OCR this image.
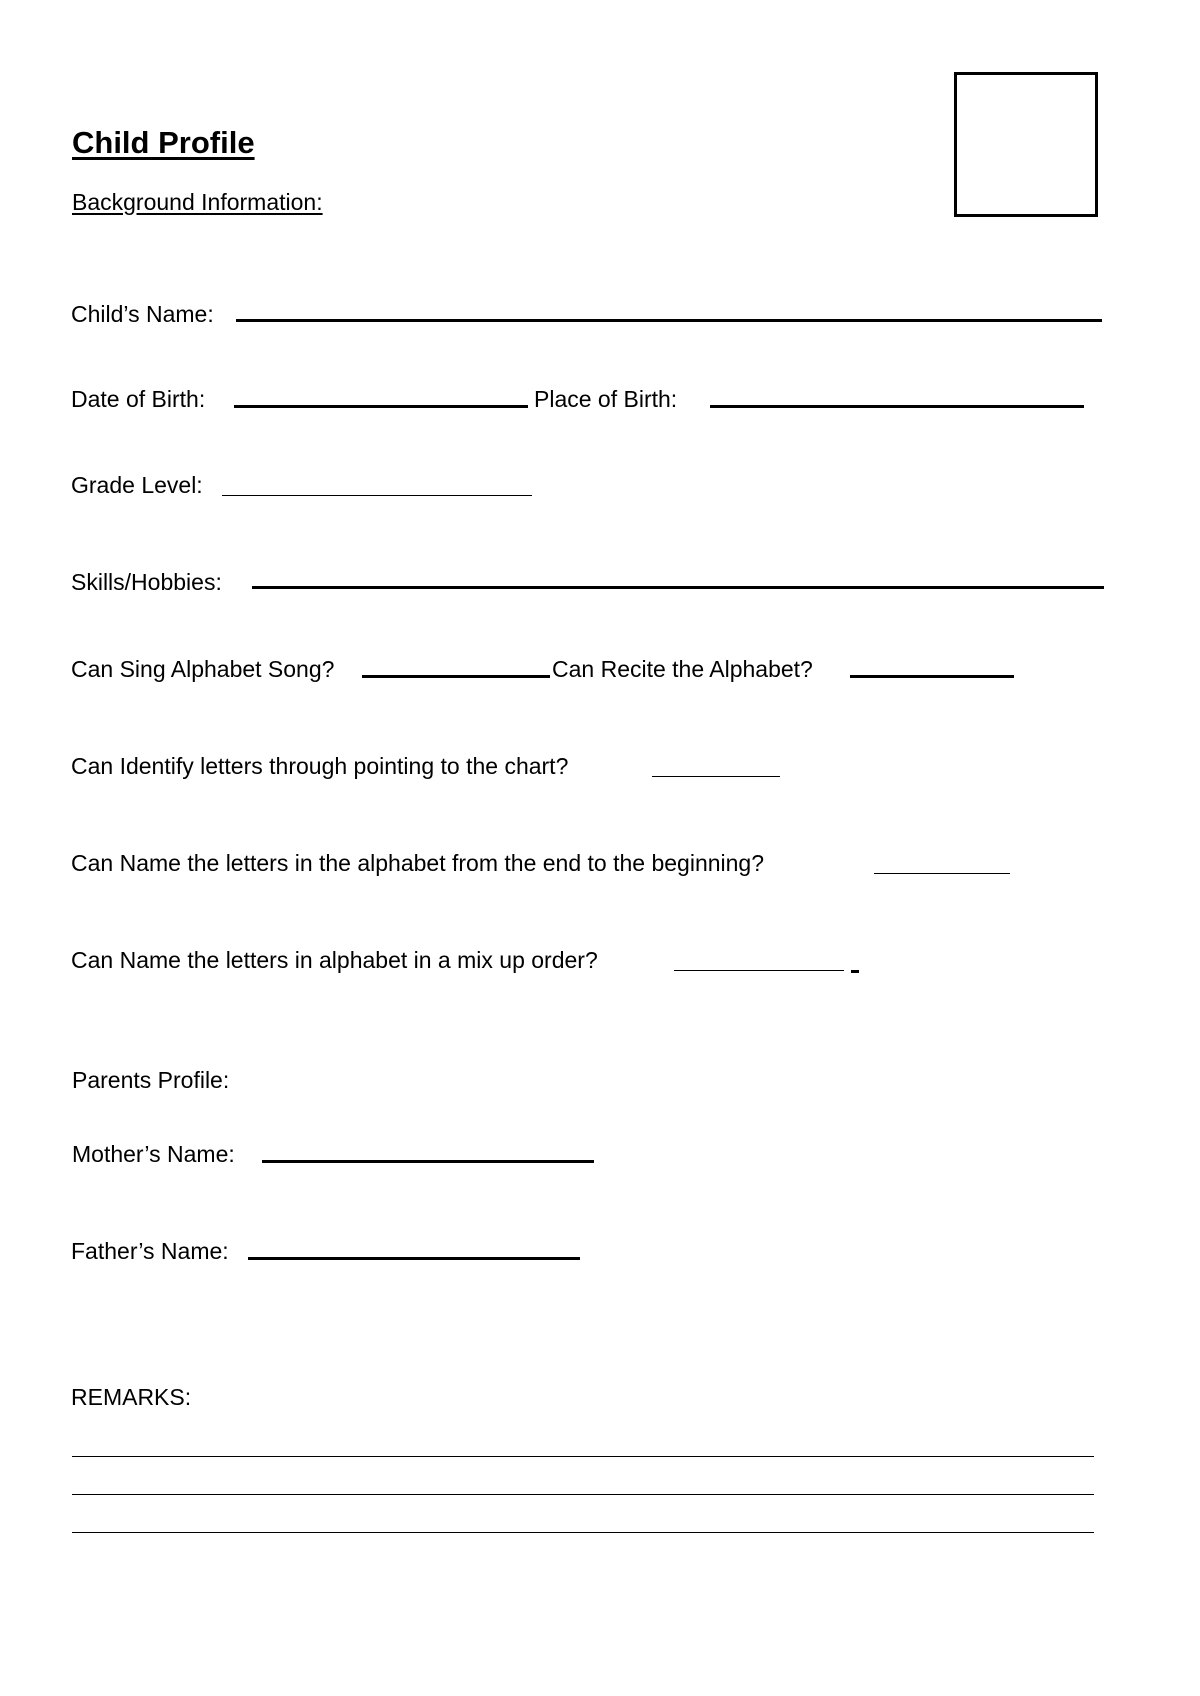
Child Profile
Background Information:
Child’s Name:
Date of Birth:	Place of Birth:
Grade Level:
Skills/Hobbies:
Can Sing Alphabet Song?	Can Recite the Alphabet?
Can Identify letters through pointing to the chart?
Can Name the letters in the alphabet from the end to the beginning?
Can Name the letters in alphabet in a mix up order?
Parents Profile:
Mother’s Name:
Father’s Name:
REMARKS:
